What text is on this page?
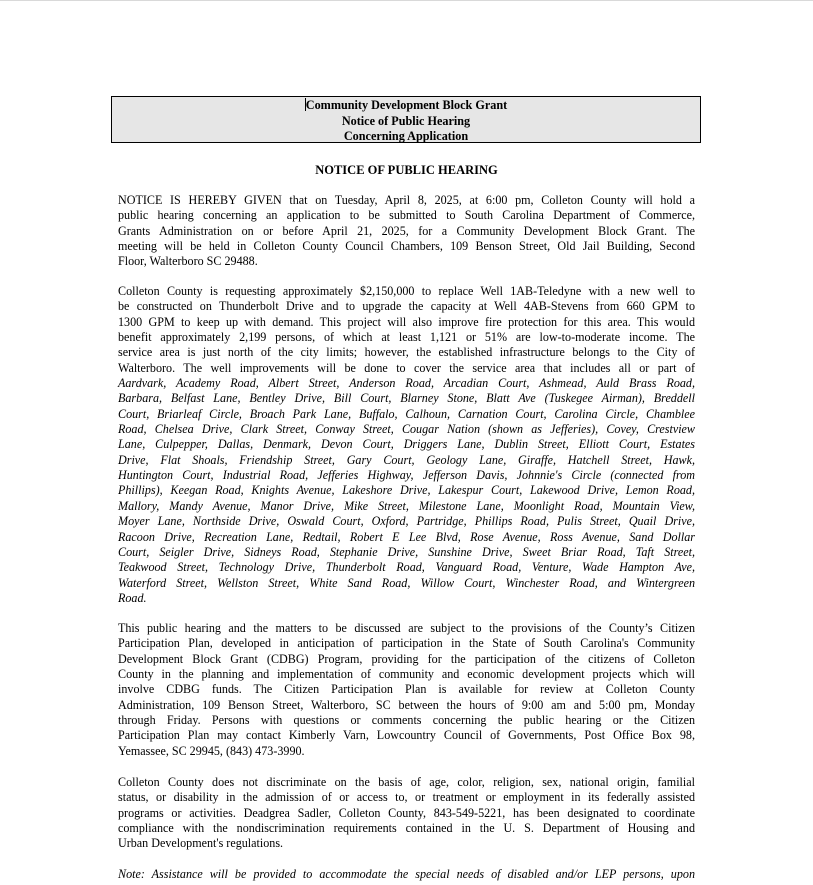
Community Development Block Grant
Notice of Public Hearing
Concerning Application
NOTICE OF PUBLIC HEARING
NOTICE IS HEREBY GIVEN that on Tuesday, April 8, 2025, at 6:00 pm, Colleton County will hold a
public hearing concerning an application to be submitted to South Carolina Department of Commerce,
Grants Administration on or before April 21, 2025, for a Community Development Block Grant. The
meeting will be held in Colleton County Council Chambers, 109 Benson Street, Old Jail Building, Second
Floor, Walterboro SC 29488.
Colleton County is requesting approximately $2,150,000 to replace Well 1AB-Teledyne with a new well to
be constructed on Thunderbolt Drive and to upgrade the capacity at Well 4AB-Stevens from 660 GPM to
1300 GPM to keep up with demand. This project will also improve fire protection for this area. This would
benefit approximately 2,199 persons, of which at least 1,121 or 51% are low-to-moderate income. The
service area is just north of the city limits; however, the established infrastructure belongs to the City of
Walterboro. The well improvements will be done to cover the service area that includes all or part of
Aardvark, Academy Road, Albert Street, Anderson Road, Arcadian Court, Ashmead, Auld Brass Road,
Barbara, Belfast Lane, Bentley Drive, Bill Court, Blarney Stone, Blatt Ave (Tuskegee Airman), Breddell
Court, Briarleaf Circle, Broach Park Lane, Buffalo, Calhoun, Carnation Court, Carolina Circle, Chamblee
Road, Chelsea Drive, Clark Street, Conway Street, Cougar Nation (shown as Jefferies), Covey, Crestview
Lane, Culpepper, Dallas, Denmark, Devon Court, Driggers Lane, Dublin Street, Elliott Court, Estates
Drive, Flat Shoals, Friendship Street, Gary Court, Geology Lane, Giraffe, Hatchell Street, Hawk,
Huntington Court, Industrial Road, Jefferies Highway, Jefferson Davis, Johnnie's Circle (connected from
Phillips), Keegan Road, Knights Avenue, Lakeshore Drive, Lakespur Court, Lakewood Drive, Lemon Road,
Mallory, Mandy Avenue, Manor Drive, Mike Street, Milestone Lane, Moonlight Road, Mountain View,
Moyer Lane, Northside Drive, Oswald Court, Oxford, Partridge, Phillips Road, Pulis Street, Quail Drive,
Racoon Drive, Recreation Lane, Redtail, Robert E Lee Blvd, Rose Avenue, Ross Avenue, Sand Dollar
Court, Seigler Drive, Sidneys Road, Stephanie Drive, Sunshine Drive, Sweet Briar Road, Taft Street,
Teakwood Street, Technology Drive, Thunderbolt Road, Vanguard Road, Venture, Wade Hampton Ave,
Waterford Street, Wellston Street, White Sand Road, Willow Court, Winchester Road, and Wintergreen
Road.
This public hearing and the matters to be discussed are subject to the provisions of the County’s Citizen
Participation Plan, developed in anticipation of participation in the State of South Carolina's Community
Development Block Grant (CDBG) Program, providing for the participation of the citizens of Colleton
County in the planning and implementation of community and economic development projects which will
involve CDBG funds. The Citizen Participation Plan is available for review at Colleton County
Administration, 109 Benson Street, Walterboro, SC between the hours of 9:00 am and 5:00 pm, Monday
through Friday. Persons with questions or comments concerning the public hearing or the Citizen
Participation Plan may contact Kimberly Varn, Lowcountry Council of Governments, Post Office Box 98,
Yemassee, SC 29945, (843) 473-3990.
Colleton County does not discriminate on the basis of age, color, religion, sex, national origin, familial
status, or disability in the admission of or access to, or treatment or employment in its federally assisted
programs or activities. Deadgrea Sadler, Colleton County, 843-549-5221, has been designated to coordinate
compliance with the nondiscrimination requirements contained in the U. S. Department of Housing and
Urban Development's regulations.
Note: Assistance will be provided to accommodate the special needs of disabled and/or LEP persons, upon
